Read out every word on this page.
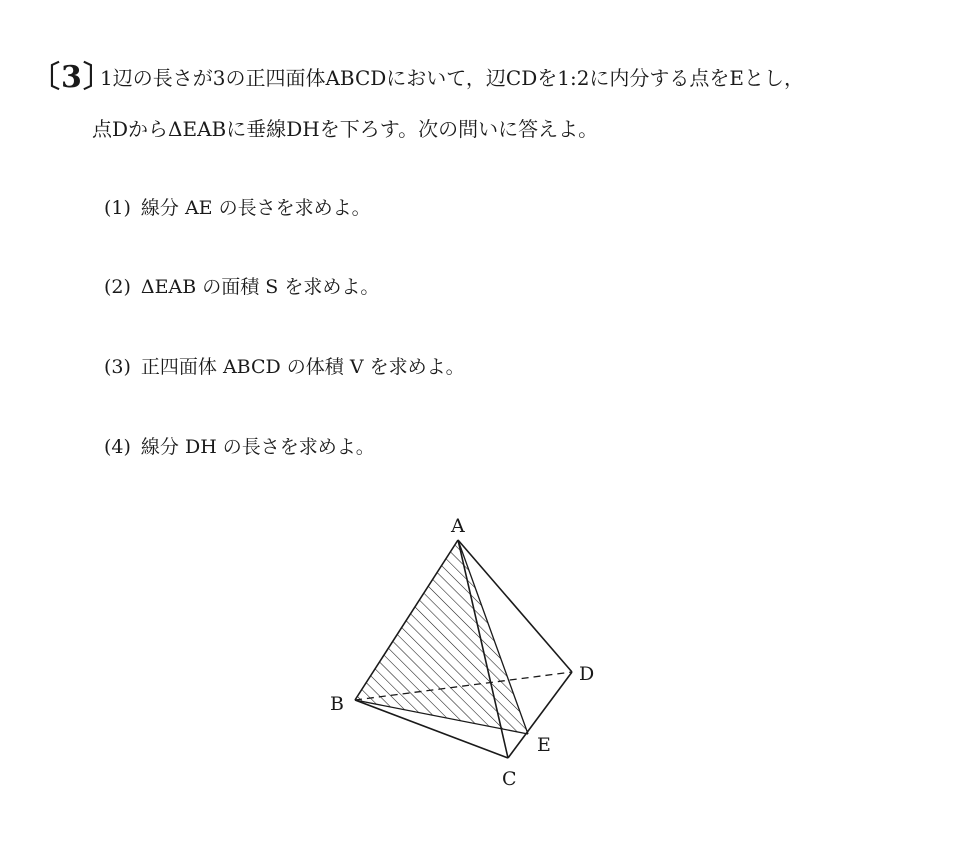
〔3〕
1辺の長さが3の正四面体ABCDにおいて，辺CDを1:2に内分する点をEとし，
点DからΔEABに垂線DHを下ろす。次の問いに答えよ。
(1) 線分 AE の長さを求めよ。
(2) ΔEAB の面積 S を求めよ。
(3) 正四面体 ABCD の体積 V を求めよ。
(4) 線分 DH の長さを求めよ。
A
B
C
D
E
